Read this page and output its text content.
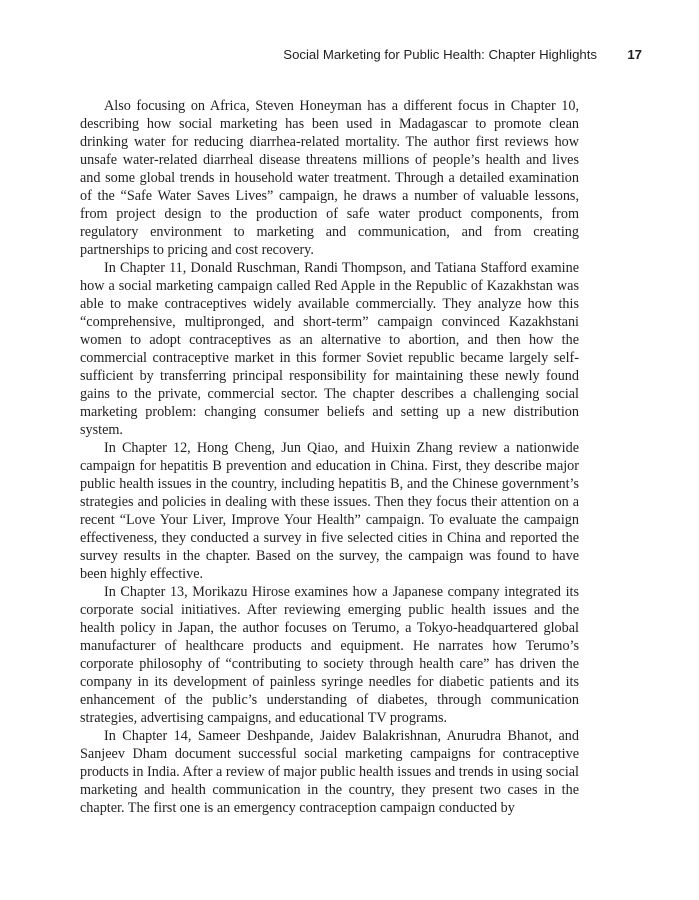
Social Marketing for Public Health: Chapter Highlights 17

Also focusing on Africa, Steven Honeyman has a different focus in Chapter 10, describing how social marketing has been used in Madagascar to promote clean drinking water for reducing diarrhea-related mortality. The author first reviews how unsafe water-related diarrheal disease threatens millions of people’s health and lives and some global trends in household water treatment. Through a detailed examination of the “Safe Water Saves Lives” campaign, he draws a number of valuable lessons, from project design to the production of safe water product components, from regulatory environment to marketing and communication, and from creating partnerships to pricing and cost recovery.

In Chapter 11, Donald Ruschman, Randi Thompson, and Tatiana Stafford examine how a social marketing campaign called Red Apple in the Republic of Kazakhstan was able to make contraceptives widely available commercially. They analyze how this “comprehensive, multipronged, and short-term” campaign convinced Kazakhstani women to adopt contraceptives as an alternative to abortion, and then how the commercial contraceptive market in this former Soviet republic became largely self-sufficient by transferring principal responsibility for maintaining these newly found gains to the private, commercial sector. The chapter describes a challenging social marketing problem: changing consumer beliefs and setting up a new distribution system.

In Chapter 12, Hong Cheng, Jun Qiao, and Huixin Zhang review a nationwide campaign for hepatitis B prevention and education in China. First, they describe major public health issues in the country, including hepatitis B, and the Chinese government’s strategies and policies in dealing with these issues. Then they focus their attention on a recent “Love Your Liver, Improve Your Health” campaign. To evaluate the campaign effectiveness, they conducted a survey in five selected cities in China and reported the survey results in the chapter. Based on the survey, the campaign was found to have been highly effective.

In Chapter 13, Morikazu Hirose examines how a Japanese company integrated its corporate social initiatives. After reviewing emerging public health issues and the health policy in Japan, the author focuses on Terumo, a Tokyo-headquartered global manufacturer of healthcare products and equipment. He narrates how Terumo’s corporate philosophy of “contributing to society through health care” has driven the company in its development of painless syringe needles for diabetic patients and its enhancement of the public’s understanding of diabetes, through communication strategies, advertising campaigns, and educational TV programs.

In Chapter 14, Sameer Deshpande, Jaidev Balakrishnan, Anurudra Bhanot, and Sanjeev Dham document successful social marketing campaigns for contraceptive products in India. After a review of major public health issues and trends in using social marketing and health communication in the country, they present two cases in the chapter. The first one is an emergency contraception campaign conducted by
